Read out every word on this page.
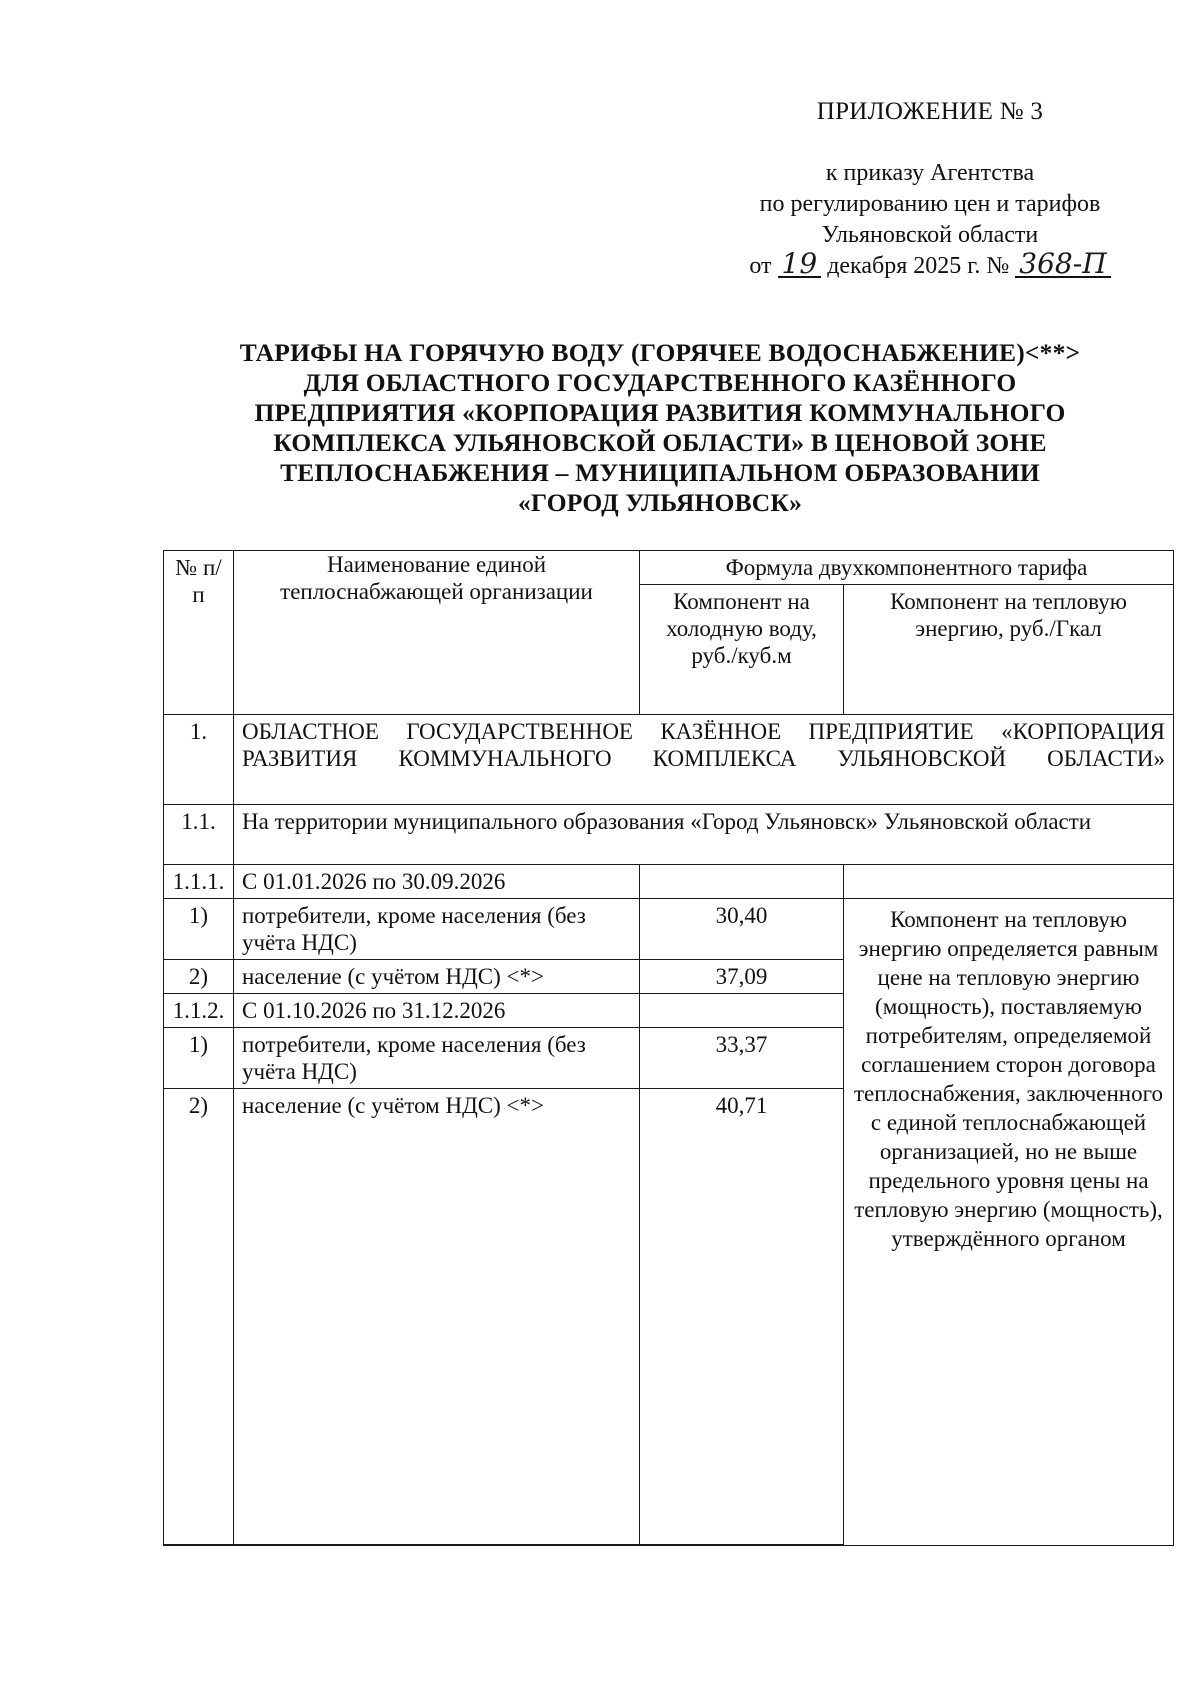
ПРИЛОЖЕНИЕ № 3
к приказу Агентства
по регулированию цен и тарифов
Ульяновской области
от 19 декабря 2025 г. № 368-П
ТАРИФЫ НА ГОРЯЧУЮ ВОДУ (ГОРЯЧЕЕ ВОДОСНАБЖЕНИЕ)<**>
ДЛЯ ОБЛАСТНОГО ГОСУДАРСТВЕННОГО КАЗЁННОГО
ПРЕДПРИЯТИЯ «КОРПОРАЦИЯ РАЗВИТИЯ КОММУНАЛЬНОГО
КОМПЛЕКСА УЛЬЯНОВСКОЙ ОБЛАСТИ» В ЦЕНОВОЙ ЗОНЕ
ТЕПЛОСНАБЖЕНИЯ – МУНИЦИПАЛЬНОМ ОБРАЗОВАНИИ
«ГОРОД УЛЬЯНОВСК»
№ п/п	Наименование единой теплоснабжающей организации	Формула двухкомпонентного тарифа	
		Компонент на холодную воду, руб./куб.м	Компонент на тепловую энергию, руб./Гкал
1.	ОБЛАСТНОЕ ГОСУДАРСТВЕННОЕ КАЗЁННОЕ ПРЕДПРИЯТИЕ «КОРПОРАЦИЯ РАЗВИТИЯ КОММУНАЛЬНОГО КОМПЛЕКСА УЛЬЯНОВСКОЙ ОБЛАСТИ»		
1.1.	На территории муниципального образования «Город Ульяновск» Ульяновской области		
1.1.1.	С 01.01.2026 по 30.09.2026		
1)	потребители, кроме населения (без учёта НДС)	30,40	Компонент на тепловую энергию определяется равным цене на тепловую энергию (мощность), поставляемую потребителям, определяемой соглашением сторон договора теплоснабжения, заключенного с единой теплоснабжающей организацией, но не выше предельного уровня цены на тепловую энергию (мощность), утверждённого органом
2)	население (с учётом НДС) <*>	37,09	
1.1.2.	С 01.10.2026 по 31.12.2026		
1)	потребители, кроме населения (без учёта НДС)	33,37	
2)	население (с учётом НДС) <*>	40,71	
